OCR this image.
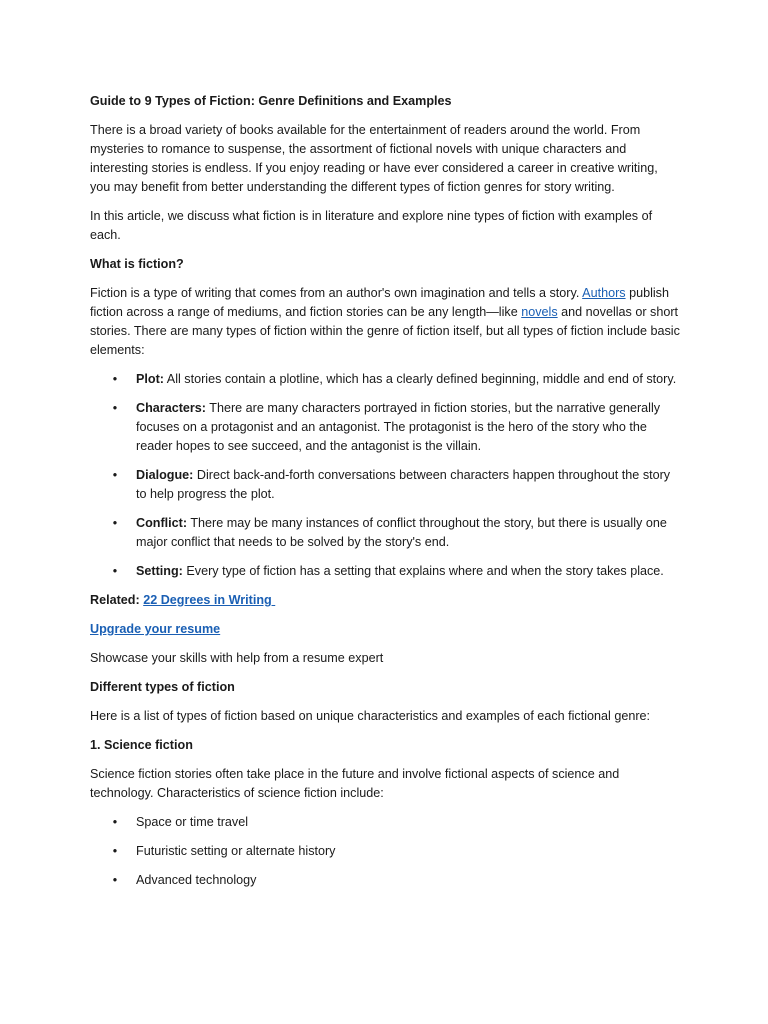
Guide to 9 Types of Fiction: Genre Definitions and Examples

There is a broad variety of books available for the entertainment of readers around the world. From mysteries to romance to suspense, the assortment of fictional novels with unique characters and interesting stories is endless. If you enjoy reading or have ever considered a career in creative writing, you may benefit from better understanding the different types of fiction genres for story writing.

In this article, we discuss what fiction is in literature and explore nine types of fiction with examples of each.

What is fiction?

Fiction is a type of writing that comes from an author's own imagination and tells a story. Authors publish fiction across a range of mediums, and fiction stories can be any length—like novels and novellas or short stories. There are many types of fiction within the genre of fiction itself, but all types of fiction include basic elements:

• Plot: All stories contain a plotline, which has a clearly defined beginning, middle and end of story.
• Characters: There are many characters portrayed in fiction stories, but the narrative generally focuses on a protagonist and an antagonist. The protagonist is the hero of the story who the reader hopes to see succeed, and the antagonist is the villain.
• Dialogue: Direct back-and-forth conversations between characters happen throughout the story to help progress the plot.
• Conflict: There may be many instances of conflict throughout the story, but there is usually one major conflict that needs to be solved by the story's end.
• Setting: Every type of fiction has a setting that explains where and when the story takes place.

Related: 22 Degrees in Writing

Upgrade your resume

Showcase your skills with help from a resume expert

Different types of fiction

Here is a list of types of fiction based on unique characteristics and examples of each fictional genre:

1. Science fiction

Science fiction stories often take place in the future and involve fictional aspects of science and technology. Characteristics of science fiction include:

• Space or time travel
• Futuristic setting or alternate history
• Advanced technology
